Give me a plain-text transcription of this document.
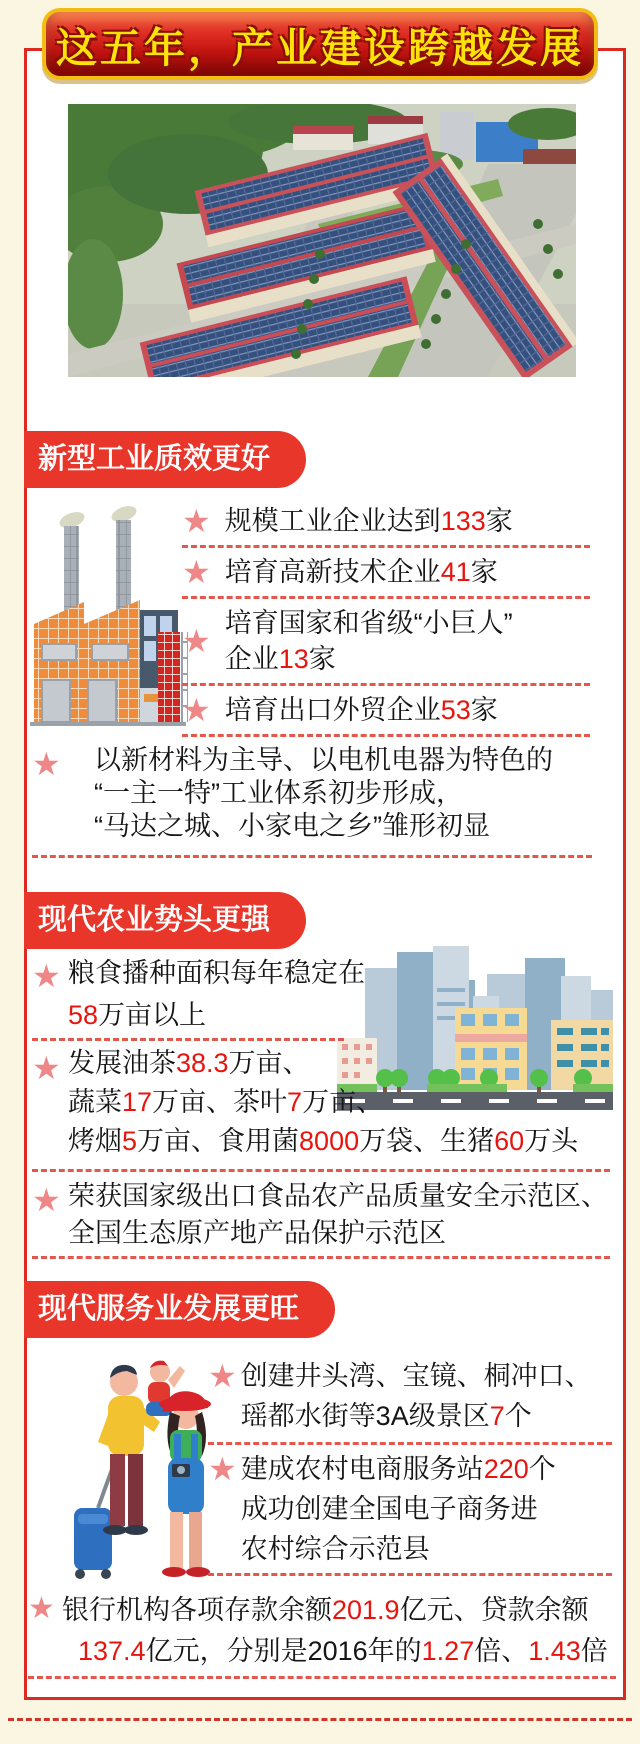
这五年，产业建设跨越发展
新型工业质效更好
★ 规模工业企业达到133家
★ 培育高新技术企业41家
★ 培育国家和省级“小巨人”
企业13家
★ 培育出口外贸企业53家
★ 以新材料为主导、以电机电器为特色的
“一主一特”工业体系初步形成，
“马达之城、小家电之乡”雏形初显
现代农业势头更强
★ 粮食播种面积每年稳定在
58万亩以上
★ 发展油茶38.3万亩、
蔬菜17万亩、茶叶7万亩、
烤烟5万亩、食用菌8000万袋、生猪60万头
★ 荣获国家级出口食品农产品质量安全示范区、
全国生态原产地产品保护示范区
现代服务业发展更旺
★ 创建井头湾、宝镜、桐冲口、
瑶都水街等3A级景区7个
★ 建成农村电商服务站220个
成功创建全国电子商务进
农村综合示范县
★ 银行机构各项存款余额201.9亿元、贷款余额
137.4亿元，分别是2016年的1.27倍、1.43倍
